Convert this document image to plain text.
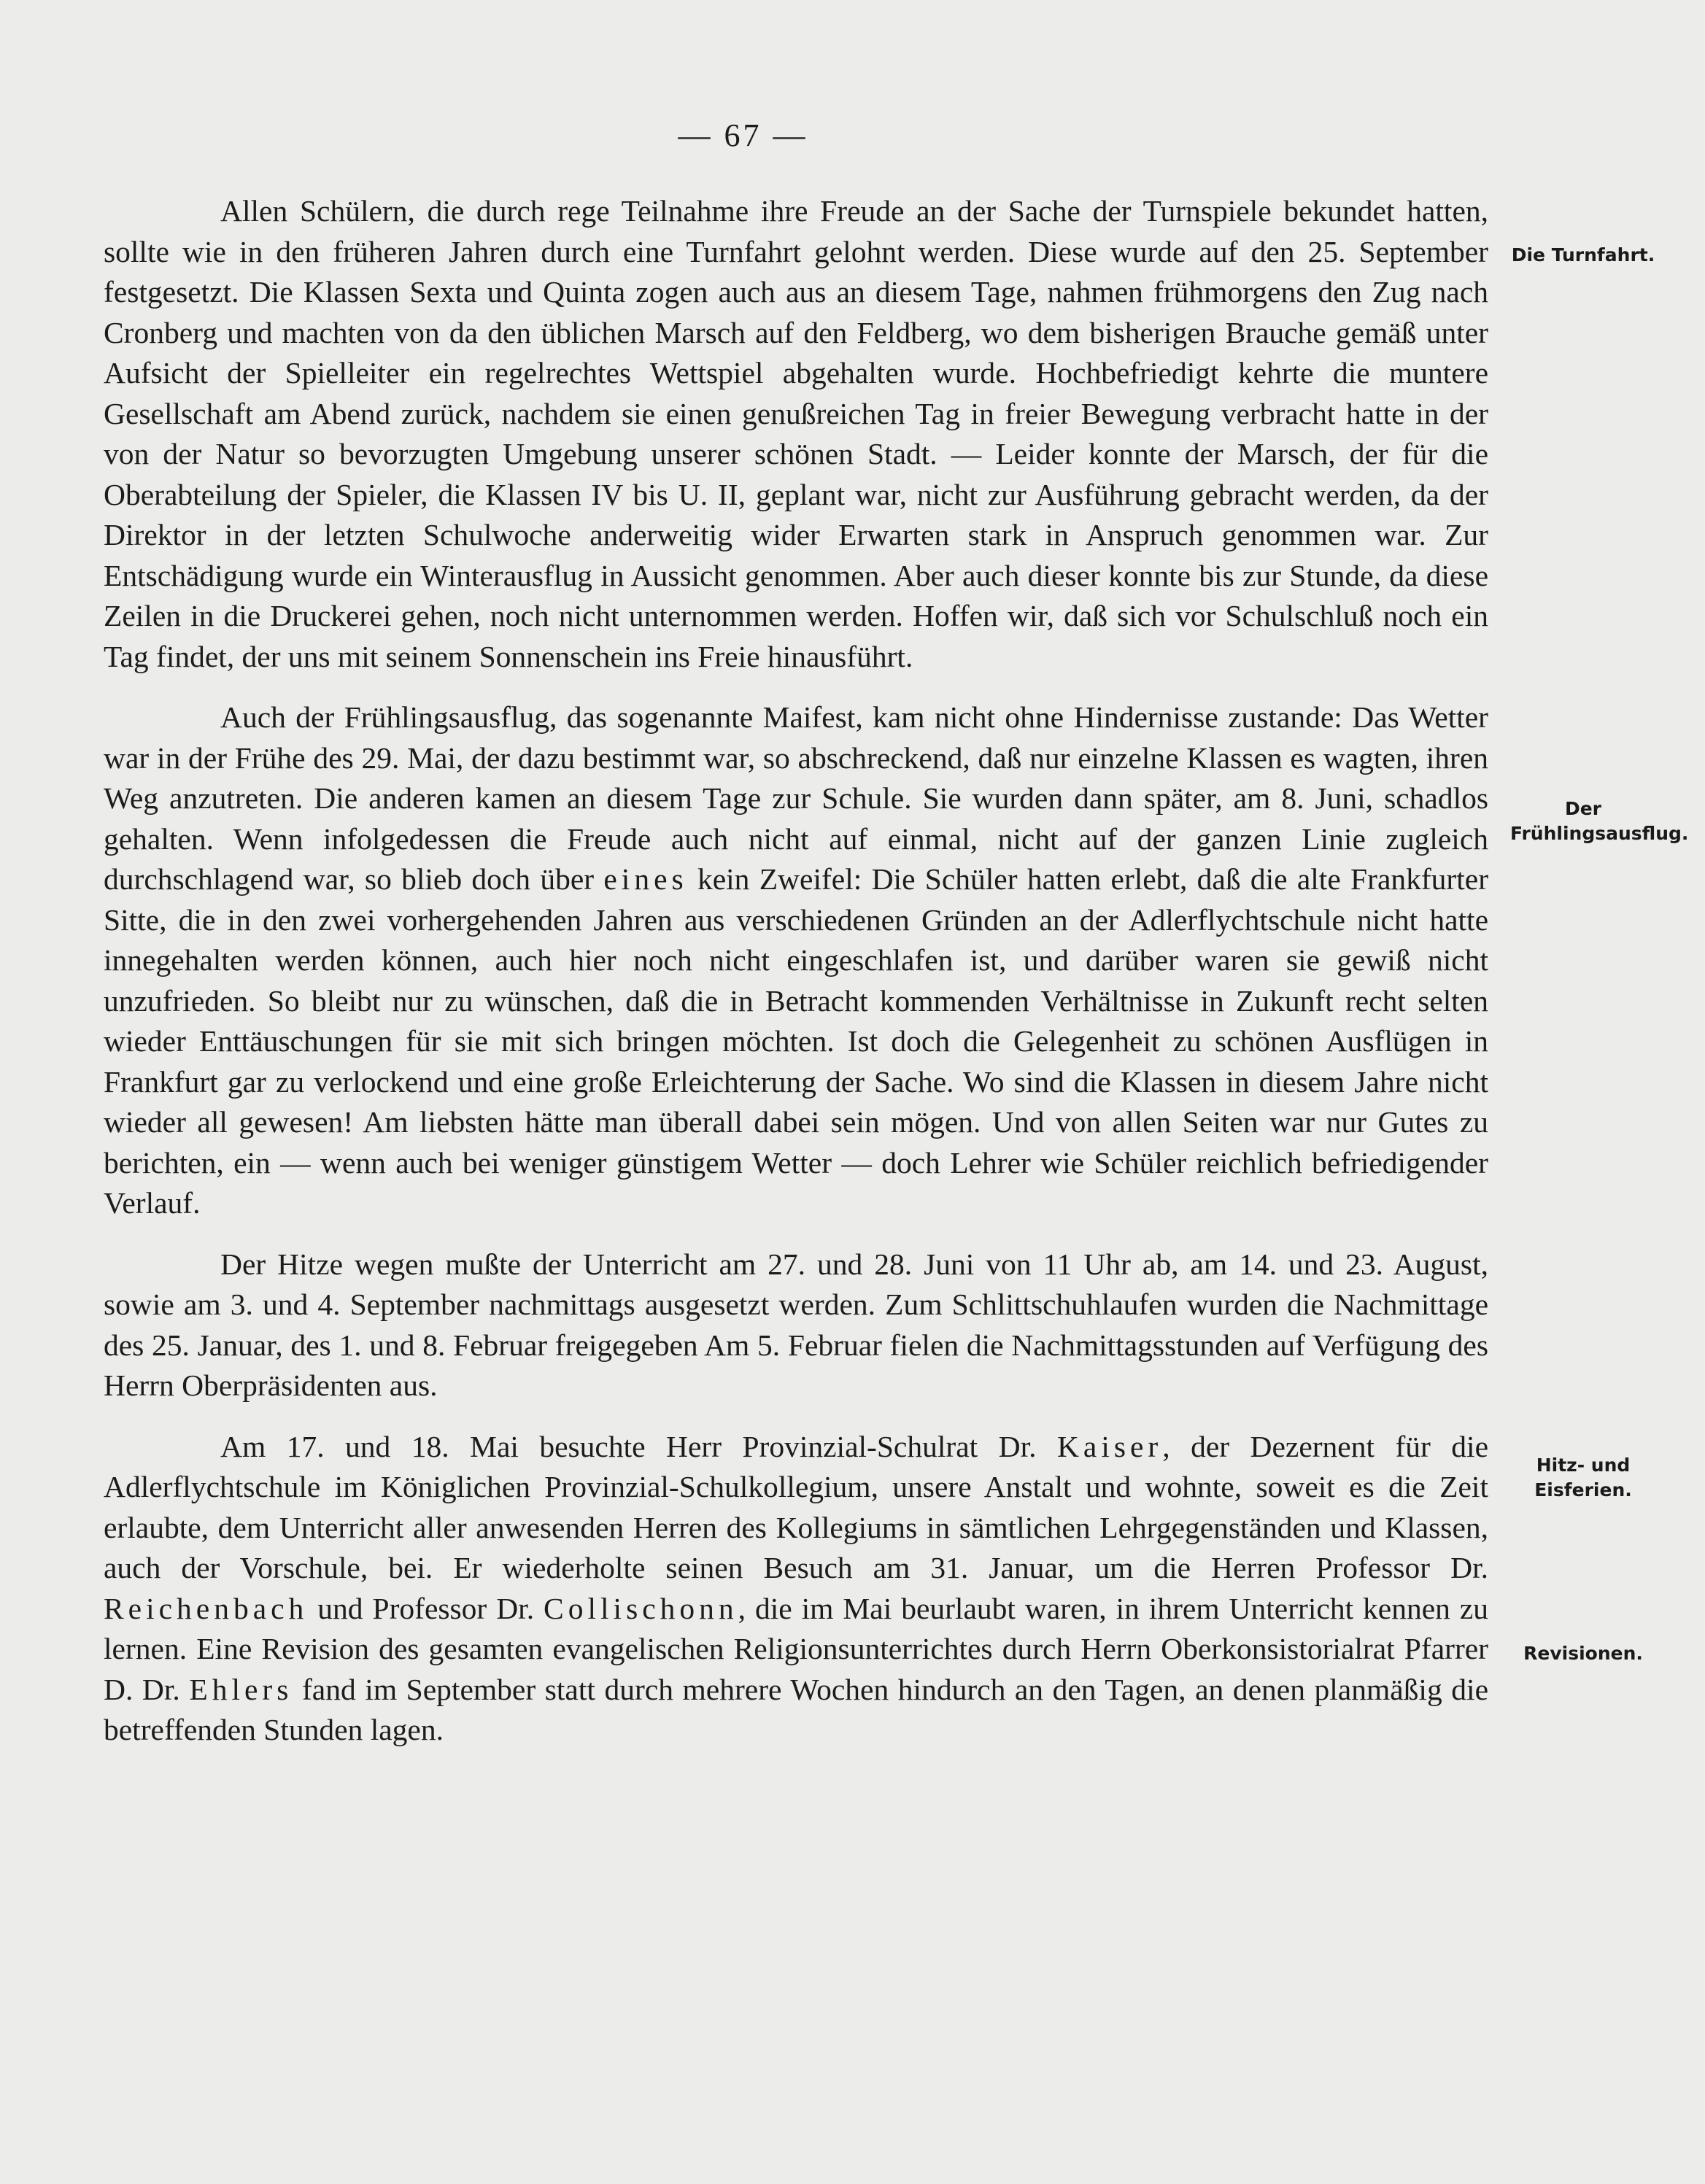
— 67 —
Die Turnfahrt.
Der Frühlingsausflug.
Hitz- und Eisferien.
Revisionen.

Allen Schülern, die durch rege Teilnahme ihre Freude an der Sache der Turnspiele bekundet hatten, sollte wie in den früheren Jahren durch eine Turnfahrt gelohnt werden. Diese wurde auf den 25. September festgesetzt. Die Klassen Sexta und Quinta zogen auch aus an diesem Tage, nahmen frühmorgens den Zug nach Cronberg und machten von da den üblichen Marsch auf den Feldberg, wo dem bisherigen Brauche gemäß unter Aufsicht der Spielleiter ein regelrechtes Wettspiel abgehalten wurde. Hochbefriedigt kehrte die muntere Gesellschaft am Abend zurück, nachdem sie einen genußreichen Tag in freier Bewegung verbracht hatte in der von der Natur so bevorzugten Umgebung unserer schönen Stadt. — Leider konnte der Marsch, der für die Oberabteilung der Spieler, die Klassen IV bis U. II, geplant war, nicht zur Ausführung gebracht werden, da der Direktor in der letzten Schulwoche anderweitig wider Erwarten stark in Anspruch genommen war. Zur Entschädigung wurde ein Winterausflug in Aussicht genommen. Aber auch dieser konnte bis zur Stunde, da diese Zeilen in die Druckerei gehen, noch nicht unternommen werden. Hoffen wir, daß sich vor Schulschluß noch ein Tag findet, der uns mit seinem Sonnenschein ins Freie hinausführt.

Auch der Frühlingsausflug, das sogenannte Maifest, kam nicht ohne Hindernisse zustande: Das Wetter war in der Frühe des 29. Mai, der dazu bestimmt war, so abschreckend, daß nur einzelne Klassen es wagten, ihren Weg anzutreten. Die anderen kamen an diesem Tage zur Schule. Sie wurden dann später, am 8. Juni, schadlos gehalten. Wenn infolgedessen die Freude auch nicht auf einmal, nicht auf der ganzen Linie zugleich durchschlagend war, so blieb doch über eines kein Zweifel: Die Schüler hatten erlebt, daß die alte Frankfurter Sitte, die in den zwei vorhergehenden Jahren aus verschiedenen Gründen an der Adlerflychtschule nicht hatte innegehalten werden können, auch hier noch nicht eingeschlafen ist, und darüber waren sie gewiß nicht unzufrieden. So bleibt nur zu wünschen, daß die in Betracht kommenden Verhältnisse in Zukunft recht selten wieder Enttäuschungen für sie mit sich bringen möchten. Ist doch die Gelegenheit zu schönen Ausflügen in Frankfurt gar zu verlockend und eine große Erleichterung der Sache. Wo sind die Klassen in diesem Jahre nicht wieder all gewesen! Am liebsten hätte man überall dabei sein mögen. Und von allen Seiten war nur Gutes zu berichten, ein — wenn auch bei weniger günstigem Wetter — doch Lehrer wie Schüler reichlich befriedigender Verlauf.

Der Hitze wegen mußte der Unterricht am 27. und 28. Juni von 11 Uhr ab, am 14. und 23. August, sowie am 3. und 4. September nachmittags ausgesetzt werden. Zum Schlittschuhlaufen wurden die Nachmittage des 25. Januar, des 1. und 8. Februar freigegeben Am 5. Februar fielen die Nachmittagsstunden auf Verfügung des Herrn Oberpräsidenten aus.

Am 17. und 18. Mai besuchte Herr Provinzial-Schulrat Dr. Kaiser, der Dezernent für die Adlerflychtschule im Königlichen Provinzial-Schulkollegium, unsere Anstalt und wohnte, soweit es die Zeit erlaubte, dem Unterricht aller anwesenden Herren des Kollegiums in sämtlichen Lehrgegenständen und Klassen, auch der Vorschule, bei. Er wiederholte seinen Besuch am 31. Januar, um die Herren Professor Dr. Reichenbach und Professor Dr. Collischonn, die im Mai beurlaubt waren, in ihrem Unterricht kennen zu lernen. Eine Revision des gesamten evangelischen Religionsunterrichtes durch Herrn Oberkonsistorialrat Pfarrer D. Dr. Ehlers fand im September statt durch mehrere Wochen hindurch an den Tagen, an denen planmäßig die betreffenden Stunden lagen.
